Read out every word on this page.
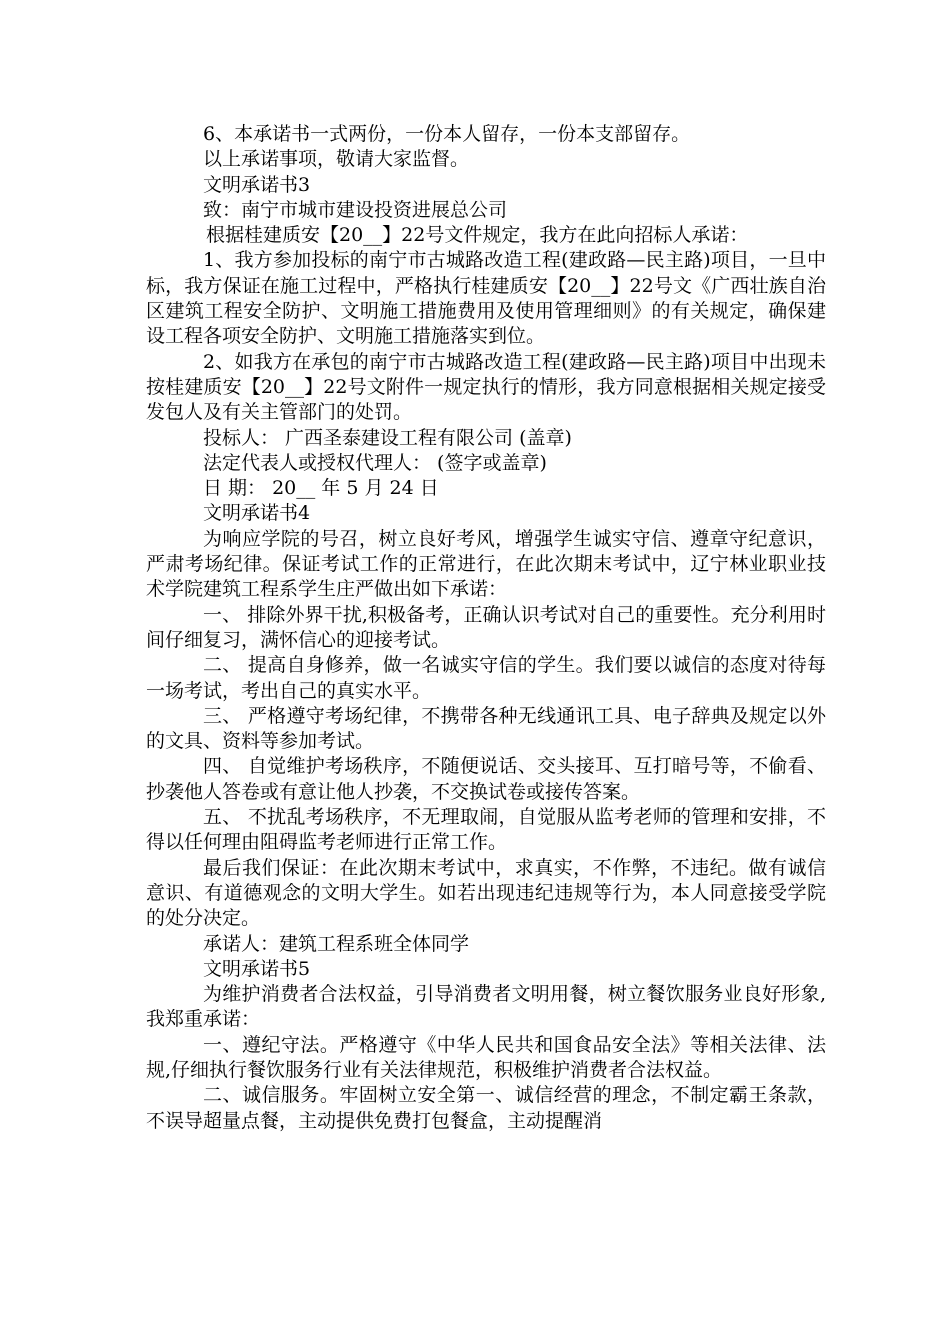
6、本承诺书一式两份，一份本人留存，一份本支部留存。

以上承诺事项，敬请大家监督。

文明承诺书3

致：南宁市城市建设投资进展总公司

根据桂建质安【20__】22号文件规定，我方在此向招标人承诺：

1、我方参加投标的南宁市古城路改造工程(建政路—民主路)项目，一旦中标，我方保证在施工过程中，严格执行桂建质安【20__】22号文《广西壮族自治区建筑工程安全防护、文明施工措施费用及使用管理细则》的有关规定，确保建设工程各项安全防护、文明施工措施落实到位。

2、如我方在承包的南宁市古城路改造工程(建政路—民主路)项目中出现未按桂建质安【20__】22号文附件一规定执行的情形，我方同意根据相关规定接受发包人及有关主管部门的处罚。

投标人： 广西圣泰建设工程有限公司 (盖章)

法定代表人或授权代理人： (签字或盖章)

日 期： 20__ 年 5 月 24 日

文明承诺书4

为响应学院的号召，树立良好考风，增强学生诚实守信、遵章守纪意识，严肃考场纪律。保证考试工作的正常进行，在此次期末考试中，辽宁林业职业技术学院建筑工程系学生庄严做出如下承诺：

一、 排除外界干扰,积极备考，正确认识考试对自己的重要性。充分利用时间仔细复习，满怀信心的迎接考试。

二、 提高自身修养，做一名诚实守信的学生。我们要以诚信的态度对待每一场考试，考出自己的真实水平。

三、 严格遵守考场纪律，不携带各种无线通讯工具、电子辞典及规定以外的文具、资料等参加考试。

四、 自觉维护考场秩序，不随便说话、交头接耳、互打暗号等，不偷看、抄袭他人答卷或有意让他人抄袭，不交换试卷或接传答案。

五、 不扰乱考场秩序，不无理取闹，自觉服从监考老师的管理和安排，不得以任何理由阻碍监考老师进行正常工作。

最后我们保证：在此次期末考试中，求真实，不作弊，不违纪。做有诚信意识、有道德观念的文明大学生。如若出现违纪违规等行为，本人同意接受学院的处分决定。

承诺人：建筑工程系班全体同学

文明承诺书5

为维护消费者合法权益，引导消费者文明用餐，树立餐饮服务业良好形象,我郑重承诺：

一、遵纪守法。严格遵守《中华人民共和国食品安全法》等相关法律、法规,仔细执行餐饮服务行业有关法律规范，积极维护消费者合法权益。

二、诚信服务。牢固树立安全第一、诚信经营的理念，不制定霸王条款，不误导超量点餐，主动提供免费打包餐盒，主动提醒消
